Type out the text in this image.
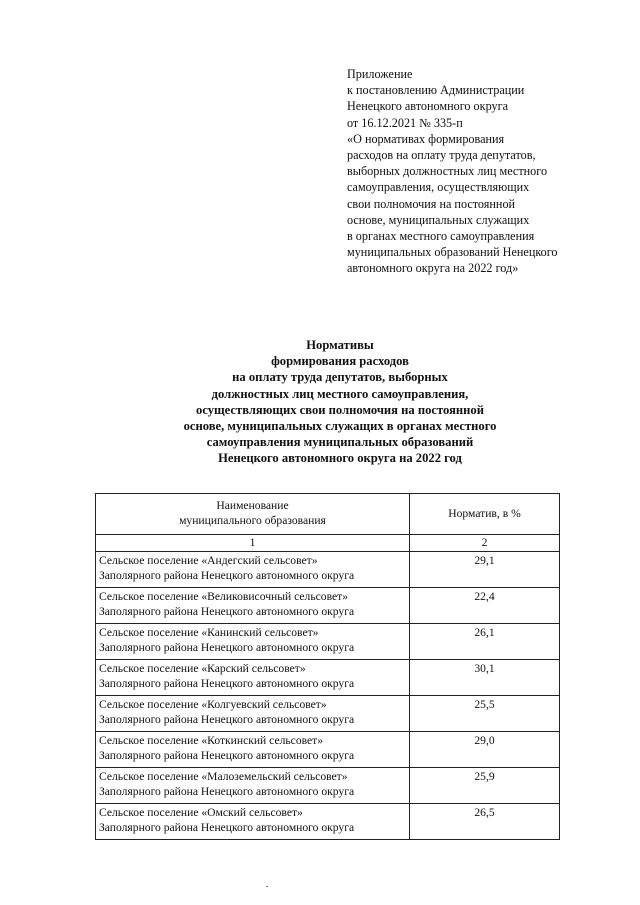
Приложение
к постановлению Администрации
Ненецкого автономного округа
от 16.12.2021 № 335-п
«О нормативах формирования
расходов на оплату труда депутатов,
выборных должностных лиц местного
самоуправления, осуществляющих
свои полномочия на постоянной
основе, муниципальных служащих
в органах местного самоуправления
муниципальных образований Ненецкого
автономного округа на 2022 год»
Нормативы
формирования расходов
на оплату труда депутатов, выборных
должностных лиц местного самоуправления,
осуществляющих свои полномочия на постоянной
основе, муниципальных служащих в органах местного
самоуправления муниципальных образований
Ненецкого автономного округа на 2022 год
Наименование
муниципального образования	Норматив, в %
1	2

Сельское поселение «Андегский сельсовет»
Заполярного района Ненецкого автономного округа	29,1

Сельское поселение «Великовисочный сельсовет»
Заполярного района Ненецкого автономного округа	22,4

Сельское поселение «Канинский сельсовет»
Заполярного района Ненецкого автономного округа	26,1

Сельское поселение «Карский сельсовет»
Заполярного района Ненецкого автономного округа	30,1

Сельское поселение «Колгуевский сельсовет»
Заполярного района Ненецкого автономного округа	25,5

Сельское поселение «Коткинский сельсовет»
Заполярного района Ненецкого автономного округа	29,0

Сельское поселение «Малоземельский сельсовет»
Заполярного района Ненецкого автономного округа	25,9

Сельское поселение «Омский сельсовет»
Заполярного района Ненецкого автономного округа	26,5
